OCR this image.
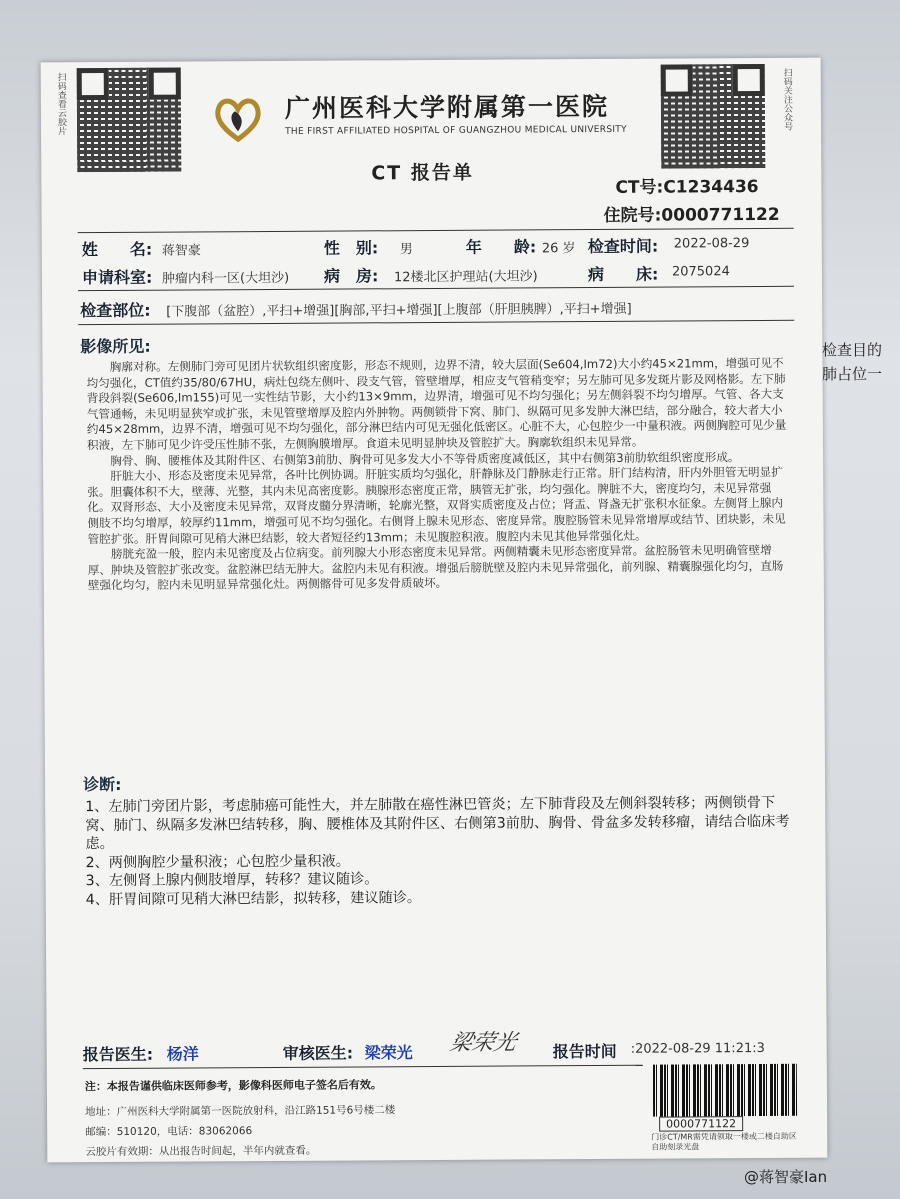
检查目的
肺占位一
扫码查看云胶片	扫码关注公众号
广州医科大学附属第一医院
THE FIRST AFFILIATED HOSPITAL OF GUANGZHOU MEDICAL UNIVERSITY
CT 报告单
CT号:C1234436
住院号:0000771122
姓　　名: 蒋智豪	性　别: 男	年　　龄: 26 岁 检查时间: 2022-08-29
申请科室: 肿瘤内科一区(大坦沙) 病　房: 12楼北区护理站(大坦沙)	病　　床: 2075024
检查部位: [下腹部（盆腔）,平扫+增强][胸部,平扫+增强][上腹部（肝胆胰脾）,平扫+增强]
影像所见:

胸廓对称。左侧肺门旁可见团片状软组织密度影，形态不规则，边界不清，较大层面(Se604,Im72)大小约45×21mm，增强可见不均匀强化，CT值约35/80/67HU，病灶包绕左侧叶、段支气管，管壁增厚，相应支气管稍变窄；另左肺可见多发斑片影及网格影。左下肺背段斜裂(Se606,Im155)可见一实性结节影，大小约13×9mm，边界清，增强可见不均匀强化；另左侧斜裂不均匀增厚。气管、各大支气管通畅，未见明显狭窄或扩张，未见管壁增厚及腔内外肿物。两侧锁骨下窝、肺门、纵隔可见多发肿大淋巴结，部分融合，较大者大小约45×28mm，边界不清，增强可见不均匀强化，部分淋巴结内可见无强化低密区。心脏不大，心包腔少一中量积液。两侧胸腔可见少量积液，左下肺可见少许受压性肺不张，左侧胸膜增厚。食道未见明显肿块及管腔扩大。胸廓软组织未见异常。

胸骨、胸、腰椎体及其附件区、右侧第3前肋、胸骨可见多发大小不等骨质密度减低区，其中右侧第3前肋软组织密度形成。

肝脏大小、形态及密度未见异常，各叶比例协调。肝脏实质均匀强化，肝静脉及门静脉走行正常。肝门结构清，肝内外胆管无明显扩张。胆囊体积不大，壁薄、光整，其内未见高密度影。胰腺形态密度正常，胰管无扩张，均匀强化。脾脏不大，密度均匀，未见异常强化。双肾形态、大小及密度未见异常，双肾皮髓分界清晰，轮廓光整，双肾实质密度及占位；肾盂、肾盏无扩张积水征象。左侧肾上腺内侧肢不均匀增厚，较厚约11mm，增强可见不均匀强化。右侧肾上腺未见形态、密度异常。腹腔肠管未见异常增厚或结节、团块影，未见管腔扩张。肝胃间隙可见稍大淋巴结影，较大者短径约13mm；未见腹腔积液。腹腔内未见其他异常强化灶。

膀胱充盈一般，腔内未见密度及占位病变。前列腺大小形态密度未见异常。两侧精囊未见形态密度异常。盆腔肠管未见明确管壁增厚、肿块及管腔扩张改变。盆腔淋巴结无肿大。盆腔内未见有积液。增强后膀胱壁及腔内未见异常强化，前列腺、精囊腺强化均匀，直肠壁强化均匀，腔内未见明显异常强化灶。两侧髂骨可见多发骨质破坏。

诊断:
1、左肺门旁团片影，考虑肺癌可能性大，并左肺散在癌性淋巴管炎；左下肺背段及左侧斜裂转移；两侧锁骨下窝、肺门、纵隔多发淋巴结转移，胸、腰椎体及其附件区、右侧第3前肋、胸骨、骨盆多发转移瘤，请结合临床考虑。
2、两侧胸腔少量积液；心包腔少量积液。
3、左侧肾上腺内侧肢增厚，转移？建议随诊。
4、肝胃间隙可见稍大淋巴结影，拟转移，建议随诊。
报告医生: 杨洋	审核医生: 梁荣光	报告时间 :2022-08-29 11:21:3
梁荣光
注：本报告谨供临床医师参考，影像科医师电子签名后有效。
地址：广州医科大学附属第一医院放射科，沿江路151号6号楼二楼
邮编：510120，电话：83062066
云胶片有效期：从出报告时间起，半年内就查看。
0000771122
门诊CT/MR需凭请领取一楼或二楼自助区自助刻录光盘
@蒋智豪Ian
